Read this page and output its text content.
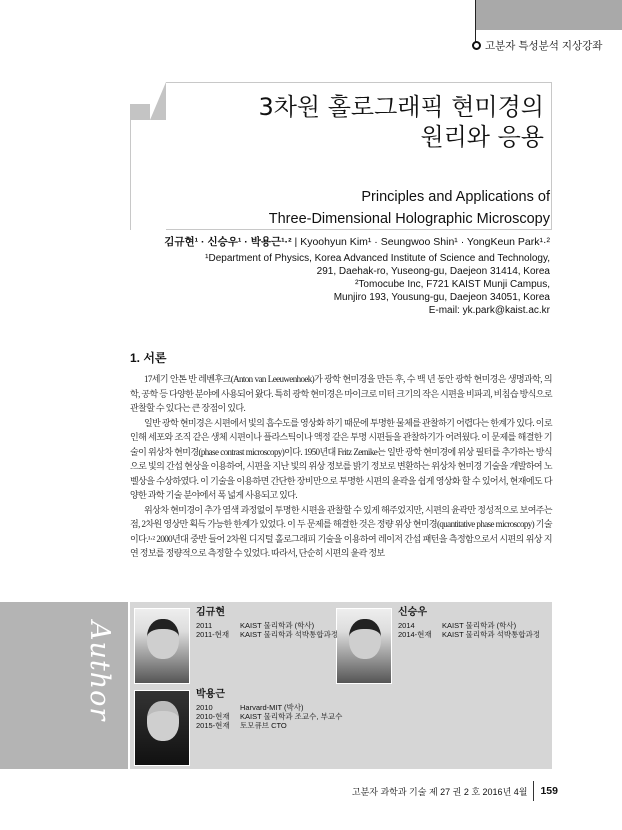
고분자 특성분석 지상강좌
3차원 홀로그래픽 현미경의
원리와 응용
Principles and Applications of
Three-Dimensional Holographic Microscopy
김규현¹ · 신승우¹ · 박용근¹·² | Kyoohyun Kim¹ · Seungwoo Shin¹ · YongKeun Park¹·²
¹Department of Physics, Korea Advanced Institute of Science and Technology,
291, Daehak-ro, Yuseong-gu, Daejeon 31414, Korea
²Tomocube Inc, F721 KAIST Munji Campus,
Munjiro 193, Yousung-gu, Daejeon 34051, Korea
E-mail: yk.park@kaist.ac.kr
1. 서론

17세기 안톤 반 레벤후크(Anton van Leeuwenhoek)가 광학 현미경을 만든 후, 수 백 년 동안 광학 현미경은 생명과학, 의학, 공학 등 다양한 분야에 사용되어 왔다. 특히 광학 현미경은 마이크로 미터 크기의 작은 시편을 비파괴, 비침습 방식으로 관찰할 수 있다는 큰 장점이 있다.

일반 광학 현미경은 시편에서 빛의 흡수도를 영상화 하기 때문에 투명한 물체를 관찰하기 어렵다는 한계가 있다. 이로 인해 세포와 조직 같은 생체 시편이나 플라스틱이나 액정 같은 투명 시편들을 관찰하기가 어려웠다. 이 문제를 해결한 기술이 위상차 현미경(phase contrast microscopy)이다. 1950년대 Fritz Zernike는 일반 광학 현미경에 위상 필터를 추가하는 방식으로 빛의 간섭 현상을 이용하여, 시편을 지난 빛의 위상 정보를 밝기 정보로 변환하는 위상차 현미경 기술을 개발하여 노벨상을 수상하였다. 이 기술을 이용하면 간단한 장비만으로 투명한 시편의 윤곽을 쉽게 영상화 할 수 있어서, 현재에도 다양한 과학 기술 분야에서 폭 넓게 사용되고 있다.

위상차 현미경이 추가 염색 과정없이 투명한 시편을 관찰할 수 있게 해주었지만, 시편의 윤곽만 정성적으로 보여주는 점, 2차원 영상만 획득 가능한 한계가 있었다. 이 두 문제를 해결한 것은 정량 위상 현미경(quantitative phase microscopy) 기술이다.¹·² 2000년대 중반 들어 2차원 디지털 홀로그래피 기술을 이용하여 레이저 간섭 패턴을 측정함으로서 시편의 위상 지연 정보를 정량적으로 측정할 수 있었다. 따라서, 단순히 시편의 윤곽 정보

Author
김규현
2011	KAIST 물리학과 (학사)
2011-현재	KAIST 물리학과 석박통합과정
신승우
2014	KAIST 물리학과 (학사)
2014-현재	KAIST 물리학과 석박통합과정
박용근
2010	Harvard-MIT (박사)
2010-현재	KAIST 물리학과 조교수, 부교수
2015-현재	토모큐브 CTO
고분자 과학과 기술 제 27 권 2 호 2016년 4월 159
